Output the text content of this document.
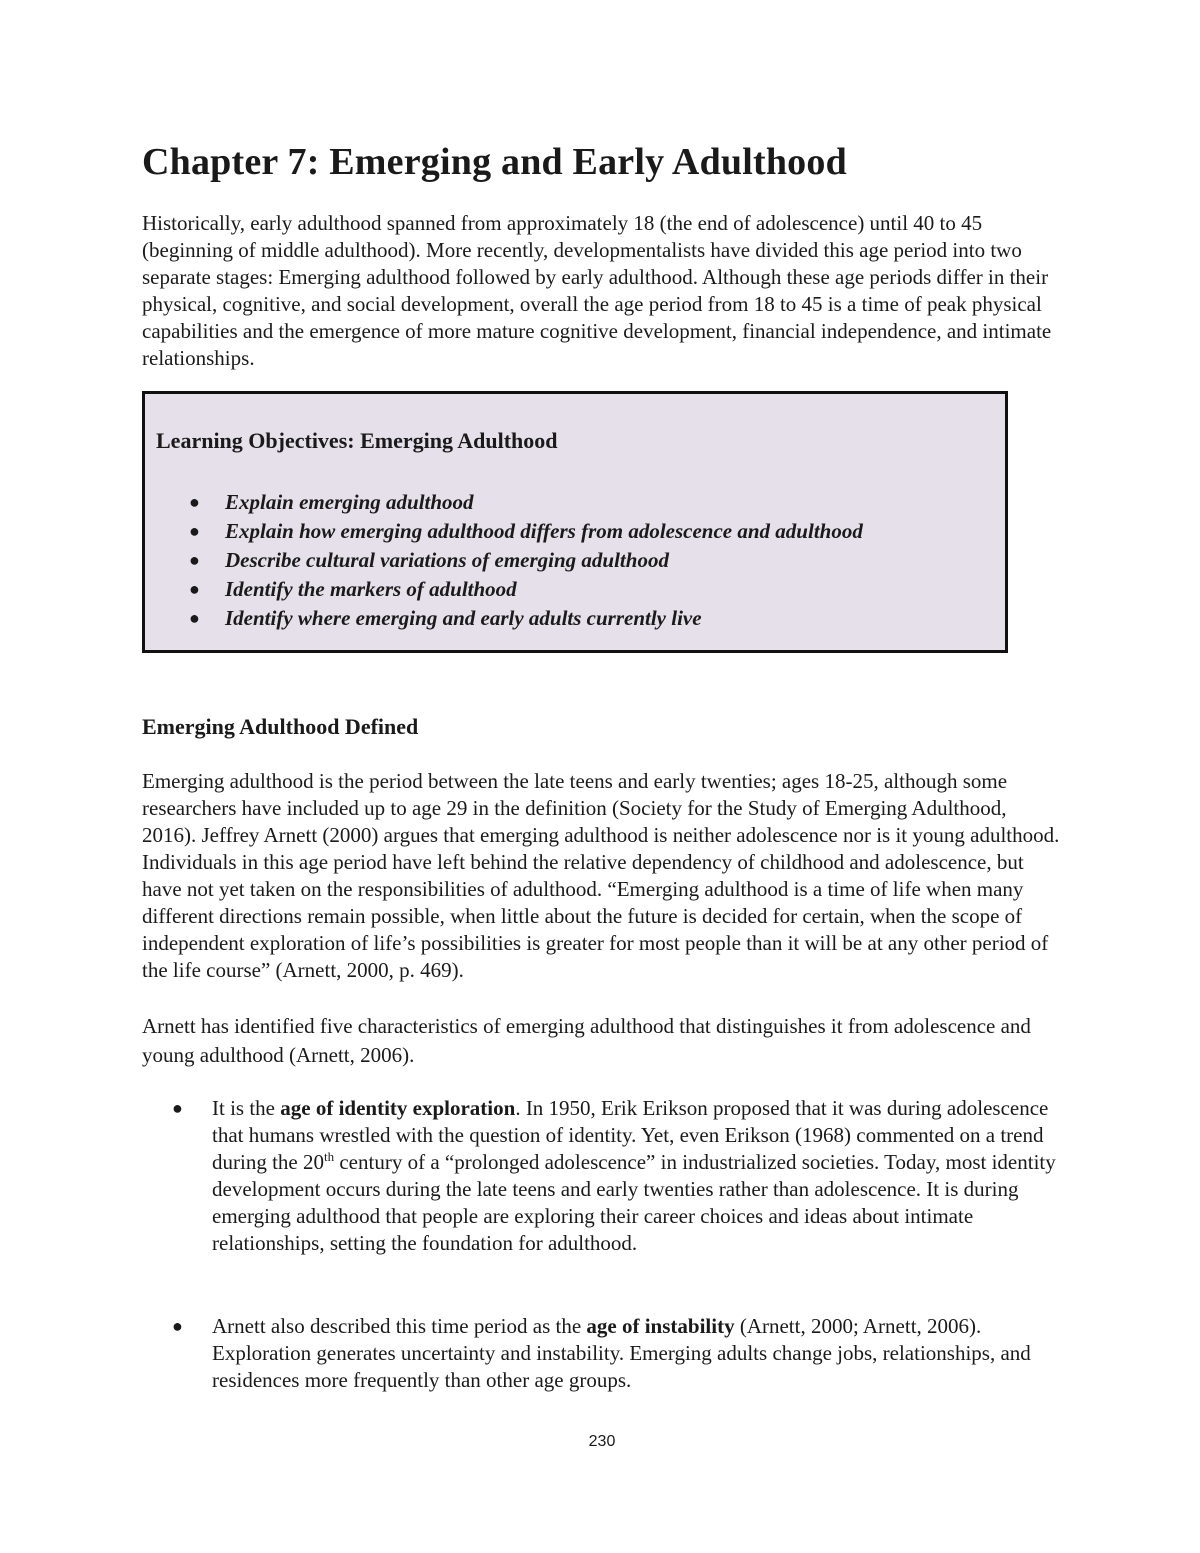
Chapter 7: Emerging and Early Adulthood

Historically, early adulthood spanned from approximately 18 (the end of adolescence) until 40 to 45 (beginning of middle adulthood). More recently, developmentalists have divided this age period into two separate stages: Emerging adulthood followed by early adulthood. Although these age periods differ in their physical, cognitive, and social development, overall the age period from 18 to 45 is a time of peak physical capabilities and the emergence of more mature cognitive development, financial independence, and intimate relationships.

Learning Objectives: Emerging Adulthood
● Explain emerging adulthood
● Explain how emerging adulthood differs from adolescence and adulthood
● Describe cultural variations of emerging adulthood
● Identify the markers of adulthood
● Identify where emerging and early adults currently live
Emerging Adulthood Defined

Emerging adulthood is the period between the late teens and early twenties; ages 18-25, although some researchers have included up to age 29 in the definition (Society for the Study of Emerging Adulthood, 2016). Jeffrey Arnett (2000) argues that emerging adulthood is neither adolescence nor is it young adulthood. Individuals in this age period have left behind the relative dependency of childhood and adolescence, but have not yet taken on the responsibilities of adulthood. “Emerging adulthood is a time of life when many different directions remain possible, when little about the future is decided for certain, when the scope of independent exploration of life’s possibilities is greater for most people than it will be at any other period of the life course” (Arnett, 2000, p. 469).

Arnett has identified five characteristics of emerging adulthood that distinguishes it from adolescence and young adulthood (Arnett, 2006).

● It is the age of identity exploration. In 1950, Erik Erikson proposed that it was during adolescence that humans wrestled with the question of identity. Yet, even Erikson (1968) commented on a trend during the 20th century of a “prolonged adolescence” in industrialized societies. Today, most identity development occurs during the late teens and early twenties rather than adolescence. It is during emerging adulthood that people are exploring their career choices and ideas about intimate relationships, setting the foundation for adulthood.
● Arnett also described this time period as the age of instability (Arnett, 2000; Arnett, 2006). Exploration generates uncertainty and instability. Emerging adults change jobs, relationships, and residences more frequently than other age groups.
230
